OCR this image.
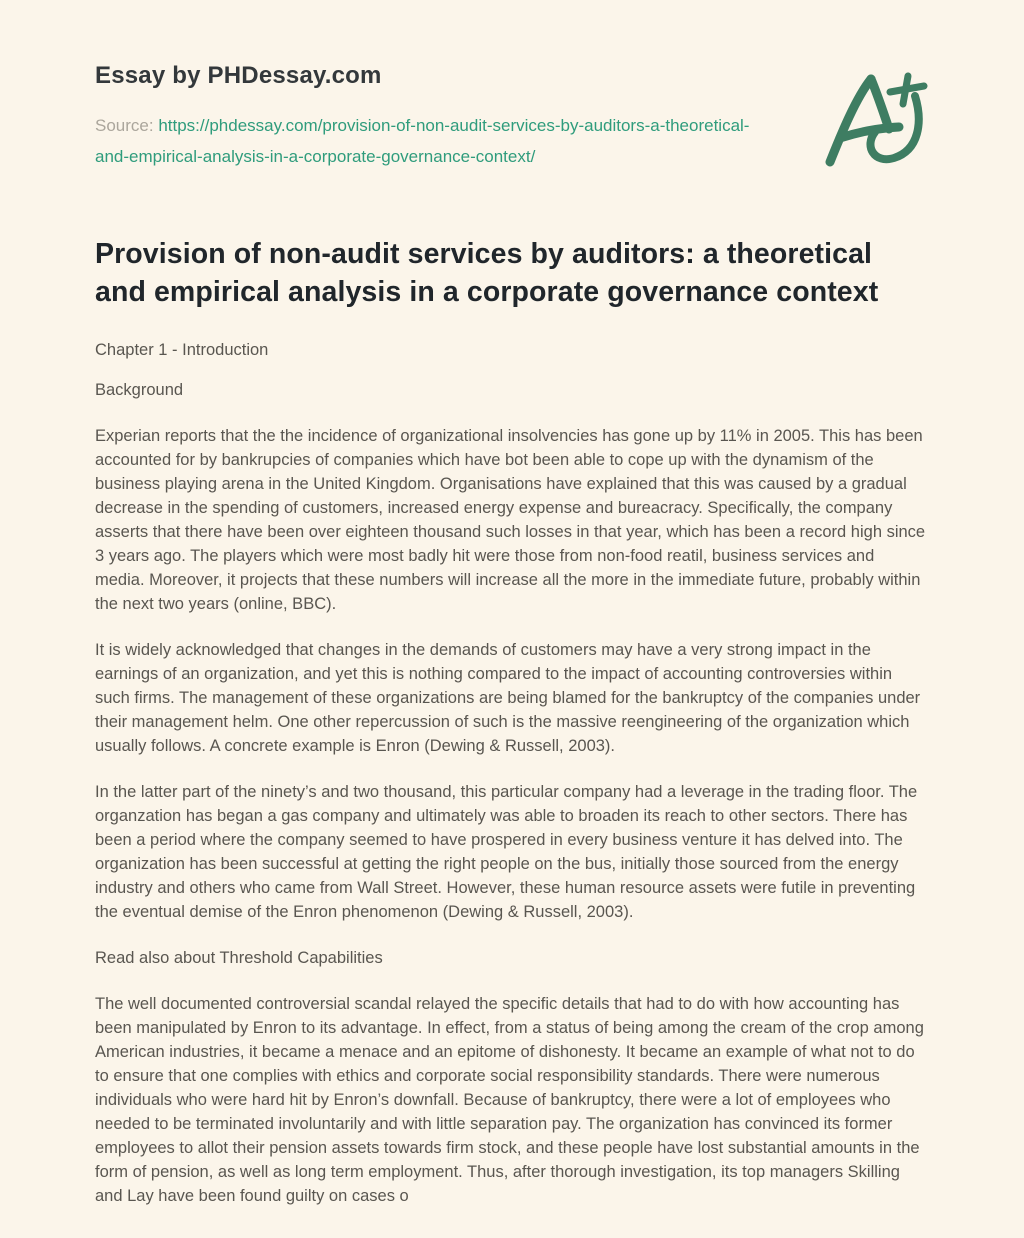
Essay by PHDessay.com
Source: https://phdessay.com/provision-of-non-audit-services-by-auditors-a-theoretical-and-empirical-analysis-in-a-corporate-governance-context/
Provision of non-audit services by auditors: a theoretical and empirical analysis in a corporate governance context
Chapter 1 - Introduction
Background

Experian reports that the the incidence of organizational insolvencies has gone up by 11% in 2005. This has been accounted for by bankrupcies of companies which have bot been able to cope up with the dynamism of the business playing arena in the United Kingdom. Organisations have explained that this was caused by a gradual decrease in the spending of customers, increased energy expense and bureacracy. Specifically, the company asserts that there have been over eighteen thousand such losses in that year, which has been a record high since 3 years ago. The players which were most badly hit were those from non-food reatil, business services and media. Moreover, it projects that these numbers will increase all the more in the immediate future, probably within the next two years (online, BBC).

It is widely acknowledged that changes in the demands of customers may have a very strong impact in the earnings of an organization, and yet this is nothing compared to the impact of accounting controversies within such firms. The management of these organizations are being blamed for the bankruptcy of the companies under their management helm. One other repercussion of such is the massive reengineering of the organization which usually follows. A concrete example is Enron (Dewing & Russell, 2003).

In the latter part of the ninety’s and two thousand, this particular company had a leverage in the trading floor. The organzation has began a gas company and ultimately was able to broaden its reach to other sectors. There has been a period where the company seemed to have prospered in every business venture it has delved into. The organization has been successful at getting the right people on the bus, initially those sourced from the energy industry and others who came from Wall Street. However, these human resource assets were futile in preventing the eventual demise of the Enron phenomenon (Dewing & Russell, 2003).

Read also about Threshold Capabilities

The well documented controversial scandal relayed the specific details that had to do with how accounting has been manipulated by Enron to its advantage. In effect, from a status of being among the cream of the crop among American industries, it became a menace and an epitome of dishonesty. It became an example of what not to do to ensure that one complies with ethics and corporate social responsibility standards. There were numerous individuals who were hard hit by Enron’s downfall. Because of bankruptcy, there were a lot of employees who needed to be terminated involuntarily and with little separation pay. The organization has convinced its former employees to allot their pension assets towards firm stock, and these people have lost substantial amounts in the form of pension, as well as long term employment. Thus, after thorough investigation, its top managers Skilling and Lay have been found guilty on cases o
